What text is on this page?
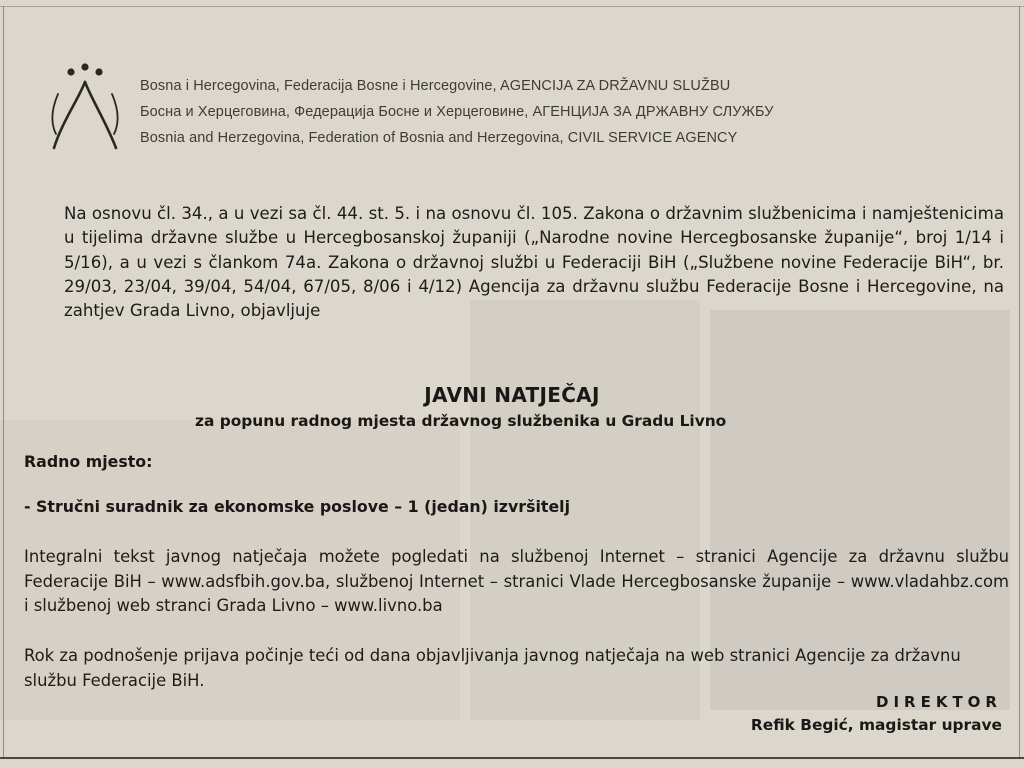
Bosna i Hercegovina, Federacija Bosne i Hercegovine, AGENCIJA ZA DRŽAVNU SLUŽBU
Босна и Херцеговина, Федерација Босне и Херцеговине, АГЕНЦИЈА ЗА ДРЖАВНУ СЛУЖБУ
Bosnia and Herzegovina, Federation of Bosnia and Herzegovina, CIVIL SERVICE AGENCY
Na osnovu čl. 34., a u vezi sa čl. 44. st. 5. i na osnovu čl. 105. Zakona o državnim službenicima i namještenicima u tijelima državne službe u Hercegbosanskoj županiji („Narodne novine Hercegbosanske županije“, broj 1/14 i 5/16), a u vezi s člankom 74a. Zakona o državnoj službi u Federaciji BiH („Službene novine Federacije BiH“, br. 29/03, 23/04, 39/04, 54/04, 67/05, 8/06 i 4/12) Agencija za državnu službu Federacije Bosne i Hercegovine, na zahtjev Grada Livno, objavljuje
JAVNI NATJEČAJ
za popunu radnog mjesta državnog službenika u Gradu Livno
Radno mjesto:
- Stručni suradnik za ekonomske poslove – 1 (jedan) izvršitelj
Integralni tekst javnog natječaja možete pogledati na službenoj Internet – stranici Agencije za državnu službu Federacije BiH – www.adsfbih.gov.ba, službenoj Internet – stranici Vlade Hercegbosanske županije – www.vladahbz.com i službenoj web stranci Grada Livno – www.livno.ba
Rok za podnošenje prijava počinje teći od dana objavljivanja javnog natječaja na web stranici Agencije za državnu službu Federacije BiH.
DIREKTOR
Refik Begić, magistar uprave
